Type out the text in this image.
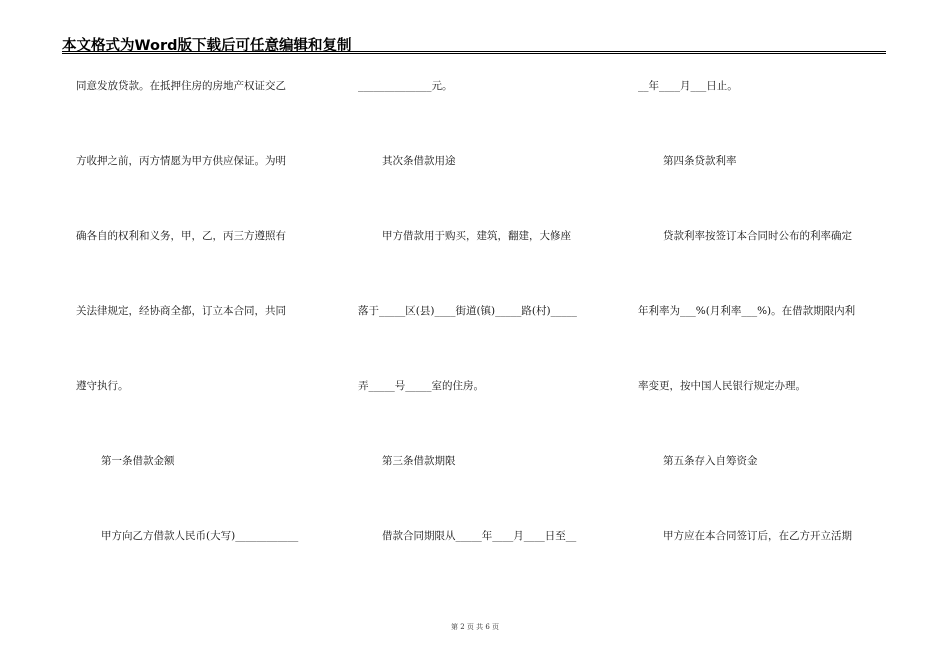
本文格式为Word版下载后可任意编辑和复制
同意发放贷款。在抵押住房的房地产权证交乙
方收押之前，丙方情愿为甲方供应保证。为明
确各自的权利和义务，甲，乙，丙三方遵照有
关法律规定，经协商全都，订立本合同，共同
遵守执行。
第一条借款金额
甲方向乙方借款人民币(大写)____________
______________元。
其次条借款用途
甲方借款用于购买，建筑，翻建，大修座
落于_____区(县)____街道(镇)_____路(村)_____
弄_____号_____室的住房。
第三条借款期限
借款合同期限从_____年____月____日至__
__年____月___日止。
第四条贷款利率
贷款利率按签订本合同时公布的利率确定
年利率为___%(月利率___%)。在借款期限内利
率变更，按中国人民银行规定办理。
第五条存入自筹资金
甲方应在本合同签订后，在乙方开立活期
第 2 页 共 6 页
